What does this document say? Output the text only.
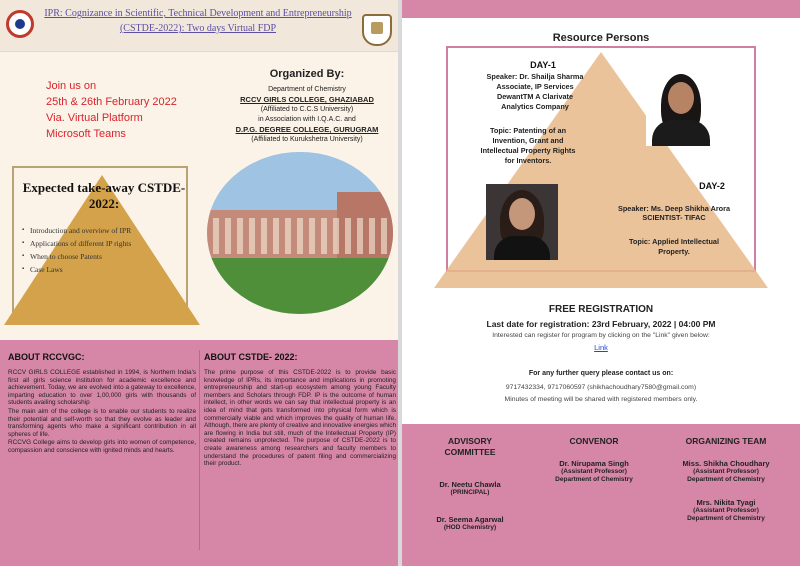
IPR: Cognizance in Scientific, Technical Development and Entrepreneurship
(CSTDE-2022): Two days Virtual FDP
Join us on
25th & 26th February 2022
Via. Virtual Platform
Microsoft Teams
Organized By:
Department of Chemistry
RCCV GIRLS COLLEGE, GHAZIABAD
(Affiliated to C.C.S University)
in Association with I.Q.A.C. and
D.P.G. DEGREE COLLEGE, GURUGRAM
(Affiliated to Kurukshetra University)
Expected take-away CSTDE-2022:
▪ Introduction and overview of IPR
▪ Applications of different IP rights
▪ When to choose Patents
▪ Case Laws
ABOUT RCCVGC:

RCCV GIRLS COLLEGE established in 1994, is Northern India's first all girls science institution for academic excellence and achievement. Today, we are evolved into a gateway to excellence, imparting education to over 1,00,000 girls with thousands of students availing scholarship

The main aim of the college is to enable our students to realize their potential and self-worth so that they evolve as leader and transforming agents who make a significant contribution in all spheres of life.

RCCVG College aims to develop girls into women of competence, compassion and conscience with ignited minds and hearts.

ABOUT CSTDE- 2022:

The prime purpose of this CSTDE-2022 is to provide basic knowledge of IPRs, its importance and implications in promoting entrepreneurship and start-up ecosystem among young Faculty members and Scholars through FDP. IP is the outcome of human intellect, in other words we can say that intellectual property is an idea of mind that gets transformed into physical form which is commercially viable and which improves the quality of human life. Although, there are plenty of creative and innovative energies which are flowing in India but still, much of the Intellectual Property (IP) created remains unprotected. The purpose of CSTDE-2022 is to create awareness among researchers and faculty members to understand the procedures of patent filing and commercializing their product.

Resource Persons
DAY-1
Speaker: Dr. Shailja Sharma
Associate, IP Services
DewantTM A Clarivate
Analytics Company
Topic: Patenting of an
Invention, Grant and
Intellectual Property Rights
for Inventors.
DAY-2
Speaker: Ms. Deep Shikha Arora
SCIENTIST- TIFAC
Topic: Applied Intellectual
Property.
FREE REGISTRATION
Last date for registration: 23rd February, 2022 | 04:00 PM
Interested can register for program by clicking on the "Link" given below:
Link
For any further query please contact us on:
9717432334, 9717060597 (shikhachoudhary7580@gmail.com)
Minutes of meeting will be shared with registered members only.
ADVISORY
COMMITTEE
Dr. Neetu Chawla
(PRINCIPAL)
Dr. Seema Agarwal
(HOD Chemistry)
CONVENOR
Dr. Nirupama Singh
(Assistant Professor)
Department of Chemistry
ORGANIZING TEAM
Miss. Shikha Choudhary
(Assistant Professor)
Department of Chemistry
Mrs. Nikita Tyagi
(Assistant Professor)
Department of Chemistry
